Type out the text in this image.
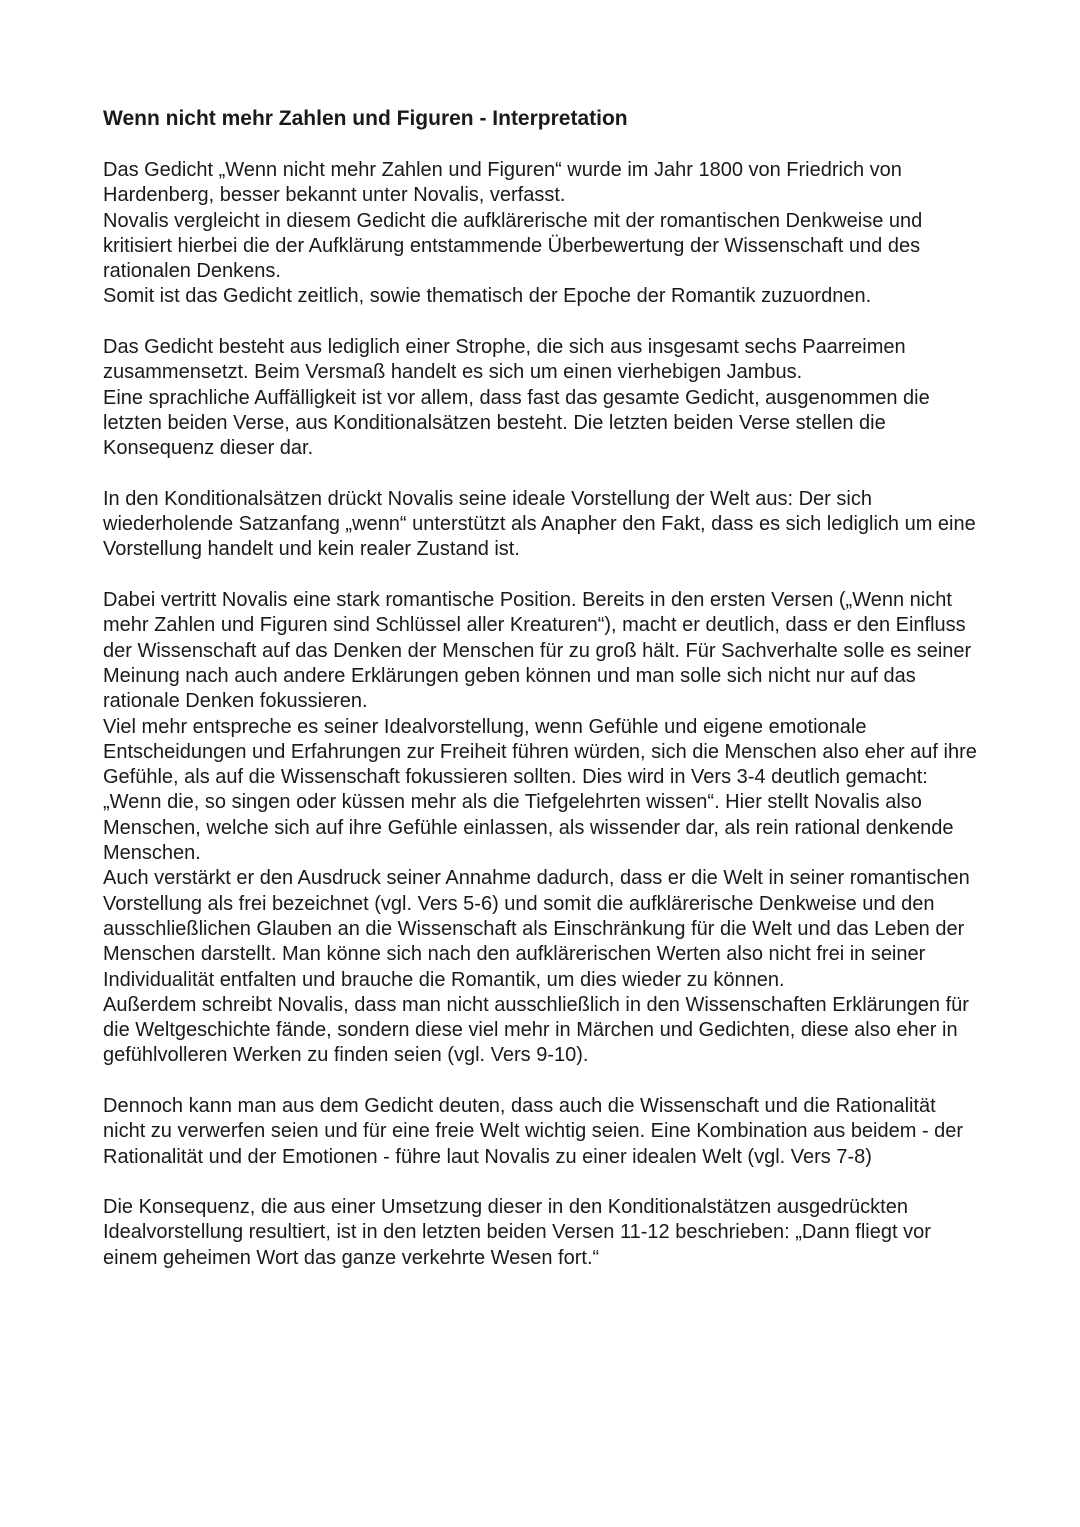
Wenn nicht mehr Zahlen und Figuren - Interpretation

Das Gedicht „Wenn nicht mehr Zahlen und Figuren“ wurde im Jahr 1800 von Friedrich von Hardenberg, besser bekannt unter Novalis, verfasst.

Novalis vergleicht in diesem Gedicht die aufklärerische mit der romantischen Denkweise und kritisiert hierbei die der Aufklärung entstammende Überbewertung der Wissenschaft und des rationalen Denkens.

Somit ist das Gedicht zeitlich, sowie thematisch der Epoche der Romantik zuzuordnen.

Das Gedicht besteht aus lediglich einer Strophe, die sich aus insgesamt sechs Paarreimen zusammensetzt. Beim Versmaß handelt es sich um einen vierhebigen Jambus.

Eine sprachliche Auffälligkeit ist vor allem, dass fast das gesamte Gedicht, ausgenommen die letzten beiden Verse, aus Konditionalsätzen besteht. Die letzten beiden Verse stellen die Konsequenz dieser dar.

In den Konditionalsätzen drückt Novalis seine ideale Vorstellung der Welt aus: Der sich wiederholende Satzanfang „wenn“ unterstützt als Anapher den Fakt, dass es sich lediglich um eine Vorstellung handelt und kein realer Zustand ist.

Dabei vertritt Novalis eine stark romantische Position. Bereits in den ersten Versen („Wenn nicht mehr Zahlen und Figuren sind Schlüssel aller Kreaturen“), macht er deutlich, dass er den Einfluss der Wissenschaft auf das Denken der Menschen für zu groß hält. Für Sachverhalte solle es seiner Meinung nach auch andere Erklärungen geben können und man solle sich nicht nur auf das rationale Denken fokussieren.

Viel mehr entspreche es seiner Idealvorstellung, wenn Gefühle und eigene emotionale Entscheidungen und Erfahrungen zur Freiheit führen würden, sich die Menschen also eher auf ihre Gefühle, als auf die Wissenschaft fokussieren sollten. Dies wird in Vers 3-4 deutlich gemacht: „Wenn die, so singen oder küssen mehr als die Tiefgelehrten wissen“. Hier stellt Novalis also Menschen, welche sich auf ihre Gefühle einlassen, als wissender dar, als rein rational denkende Menschen.

Auch verstärkt er den Ausdruck seiner Annahme dadurch, dass er die Welt in seiner romantischen Vorstellung als frei bezeichnet (vgl. Vers 5-6) und somit die aufklärerische Denkweise und den ausschließlichen Glauben an die Wissenschaft als Einschränkung für die Welt und das Leben der Menschen darstellt. Man könne sich nach den aufklärerischen Werten also nicht frei in seiner Individualität entfalten und brauche die Romantik, um dies wieder zu können.

Außerdem schreibt Novalis, dass man nicht ausschließlich in den Wissenschaften Erklärungen für die Weltgeschichte fände, sondern diese viel mehr in Märchen und Gedichten, diese also eher in gefühlvolleren Werken zu finden seien (vgl. Vers 9-10).

Dennoch kann man aus dem Gedicht deuten, dass auch die Wissenschaft und die Rationalität nicht zu verwerfen seien und für eine freie Welt wichtig seien. Eine Kombination aus beidem - der Rationalität und der Emotionen - führe laut Novalis zu einer idealen Welt (vgl. Vers 7-8)

Die Konsequenz, die aus einer Umsetzung dieser in den Konditionalstätzen ausgedrückten Idealvorstellung resultiert, ist in den letzten beiden Versen 11-12 beschrieben: „Dann fliegt vor einem geheimen Wort das ganze verkehrte Wesen fort.“
